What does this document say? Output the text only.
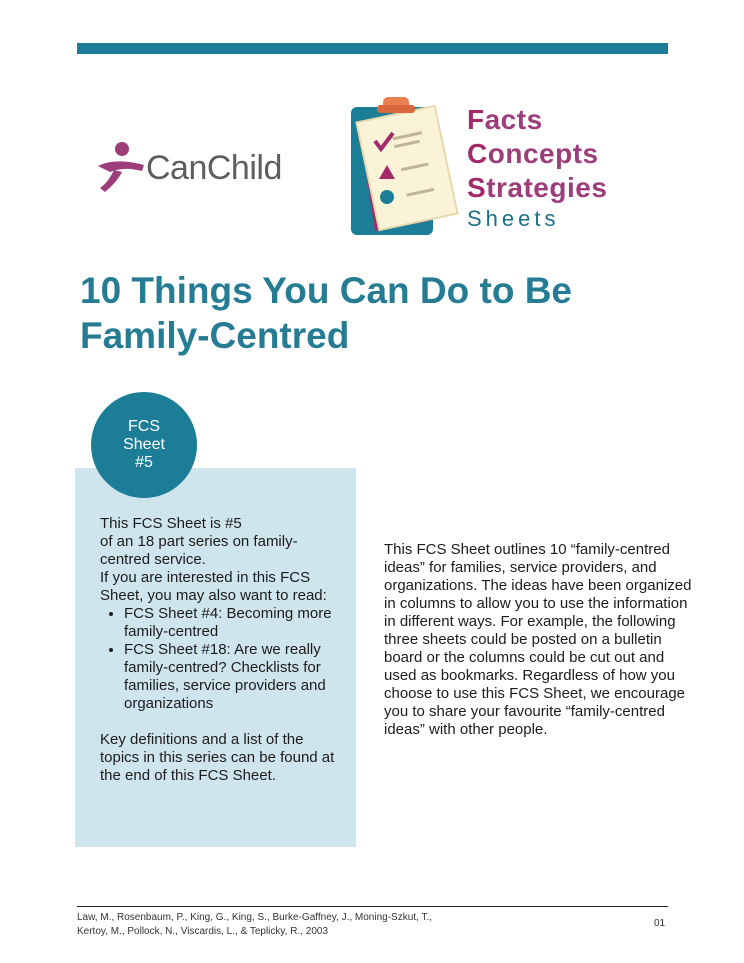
CanChild
Facts
Concepts
Strategies
Sheets
10 Things You Can Do to Be Family-Centred
FCS
Sheet
#5

This FCS Sheet is #5

of an 18 part series on family-centred service.

If you are interested in this FCS Sheet, you may also want to read:

• FCS Sheet #4: Becoming more family-centred
• FCS Sheet #18: Are we really family-centred? Checklists for families, service providers and organizations

Key definitions and a list of the topics in this series can be found at the end of this FCS Sheet.

This FCS Sheet outlines 10 “family-centred ideas” for families, service providers, and organizations. The ideas have been organized in columns to allow you to use the information in different ways. For example, the following three sheets could be posted on a bulletin board or the columns could be cut out and used as bookmarks. Regardless of how you choose to use this FCS Sheet, we encourage you to share your favourite “family-centred ideas” with other people.

Law, M., Rosenbaum, P., King, G., King, S., Burke-Gaffney, J., Moning-Szkut, T.,
Kertoy, M., Pollock, N., Viscardis, L., & Teplicky, R., 2003

01
